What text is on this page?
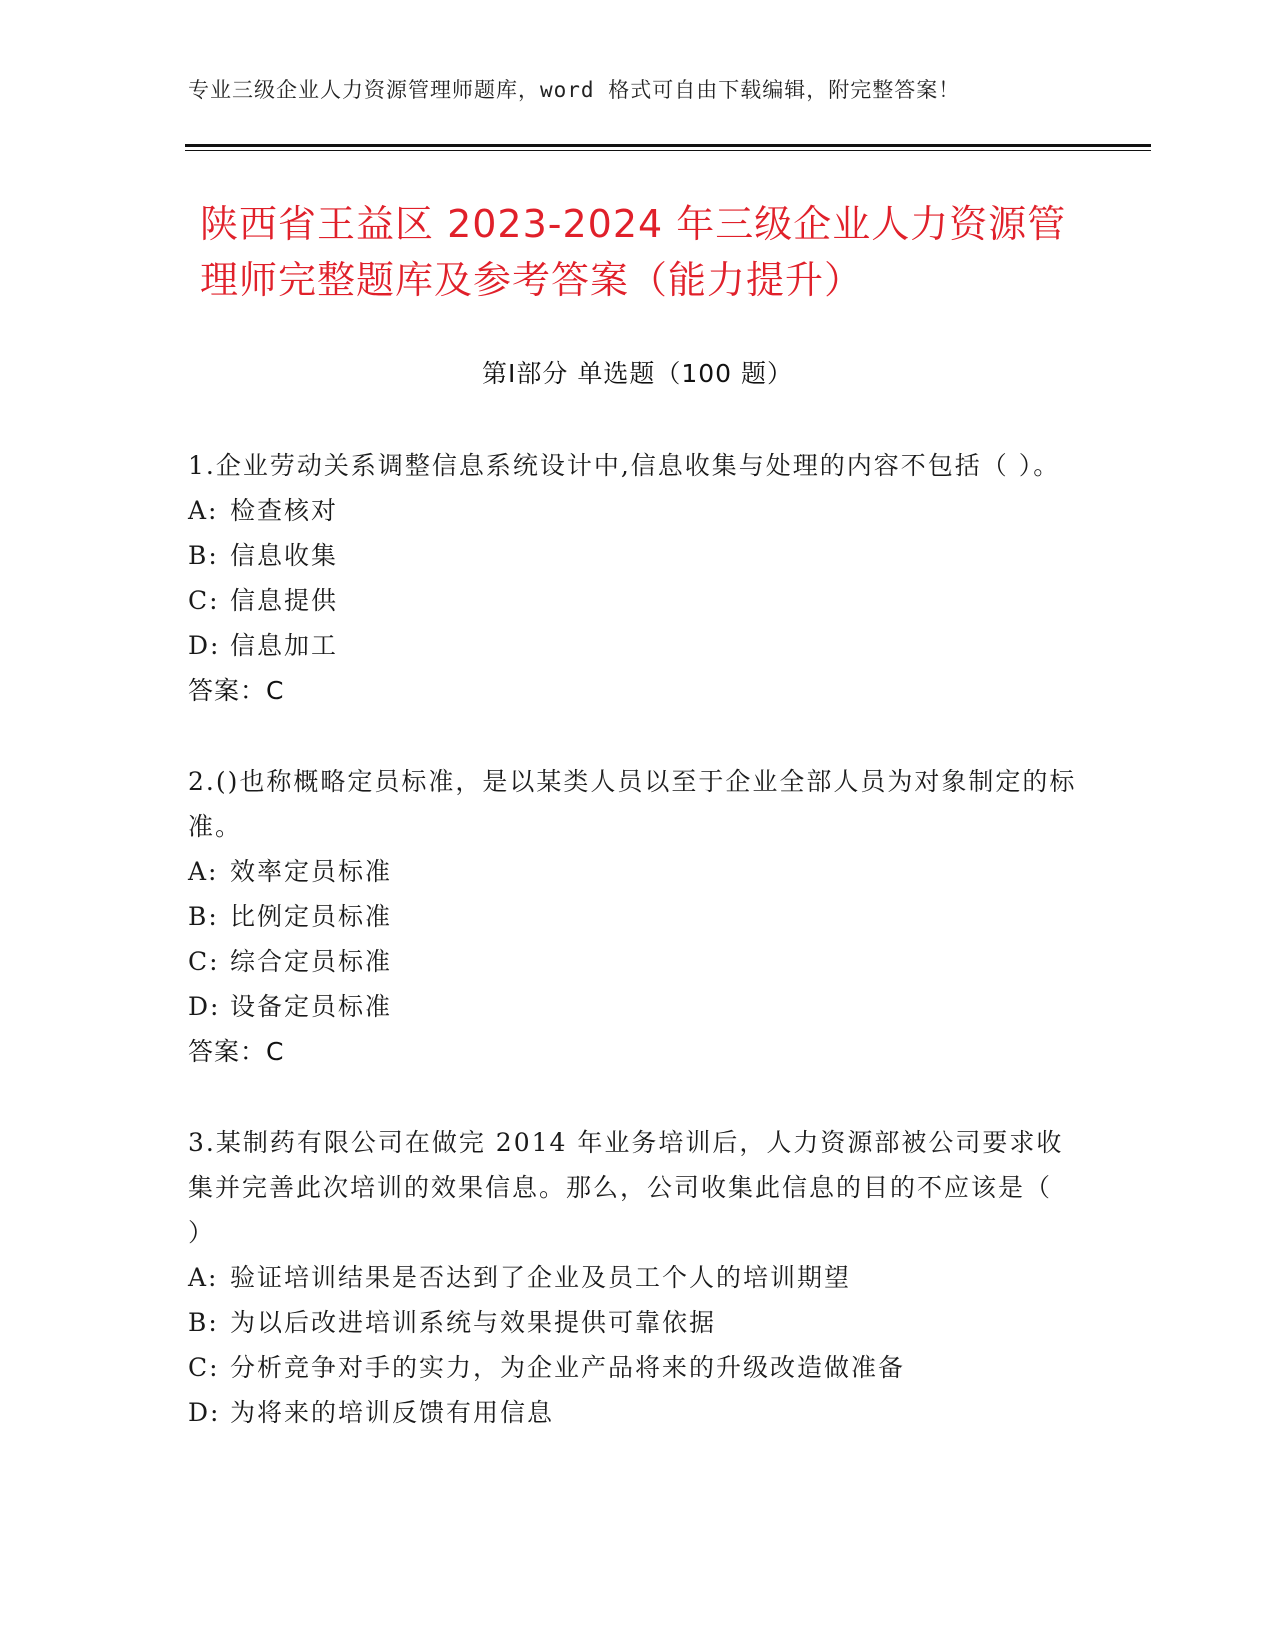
专业三级企业人力资源管理师题库，word 格式可自由下载编辑，附完整答案！
陕西省王益区 2023-2024 年三级企业人力资源管理师完整题库及参考答案（能力提升）
第Ⅰ部分 单选题（100 题）
1.企业劳动关系调整信息系统设计中,信息收集与处理的内容不包括（ ）。
A: 检查核对
B: 信息收集
C: 信息提供
D: 信息加工
答案：C
2.()也称概略定员标准，是以某类人员以至于企业全部人员为对象制定的标准。
A: 效率定员标准
B: 比例定员标准
C: 综合定员标准
D: 设备定员标准
答案：C
3.某制药有限公司在做完 2014 年业务培训后，人力资源部被公司要求收集并完善此次培训的效果信息。那么，公司收集此信息的目的不应该是（　　）
A: 验证培训结果是否达到了企业及员工个人的培训期望
B: 为以后改进培训系统与效果提供可靠依据
C: 分析竞争对手的实力，为企业产品将来的升级改造做准备
D: 为将来的培训反馈有用信息
